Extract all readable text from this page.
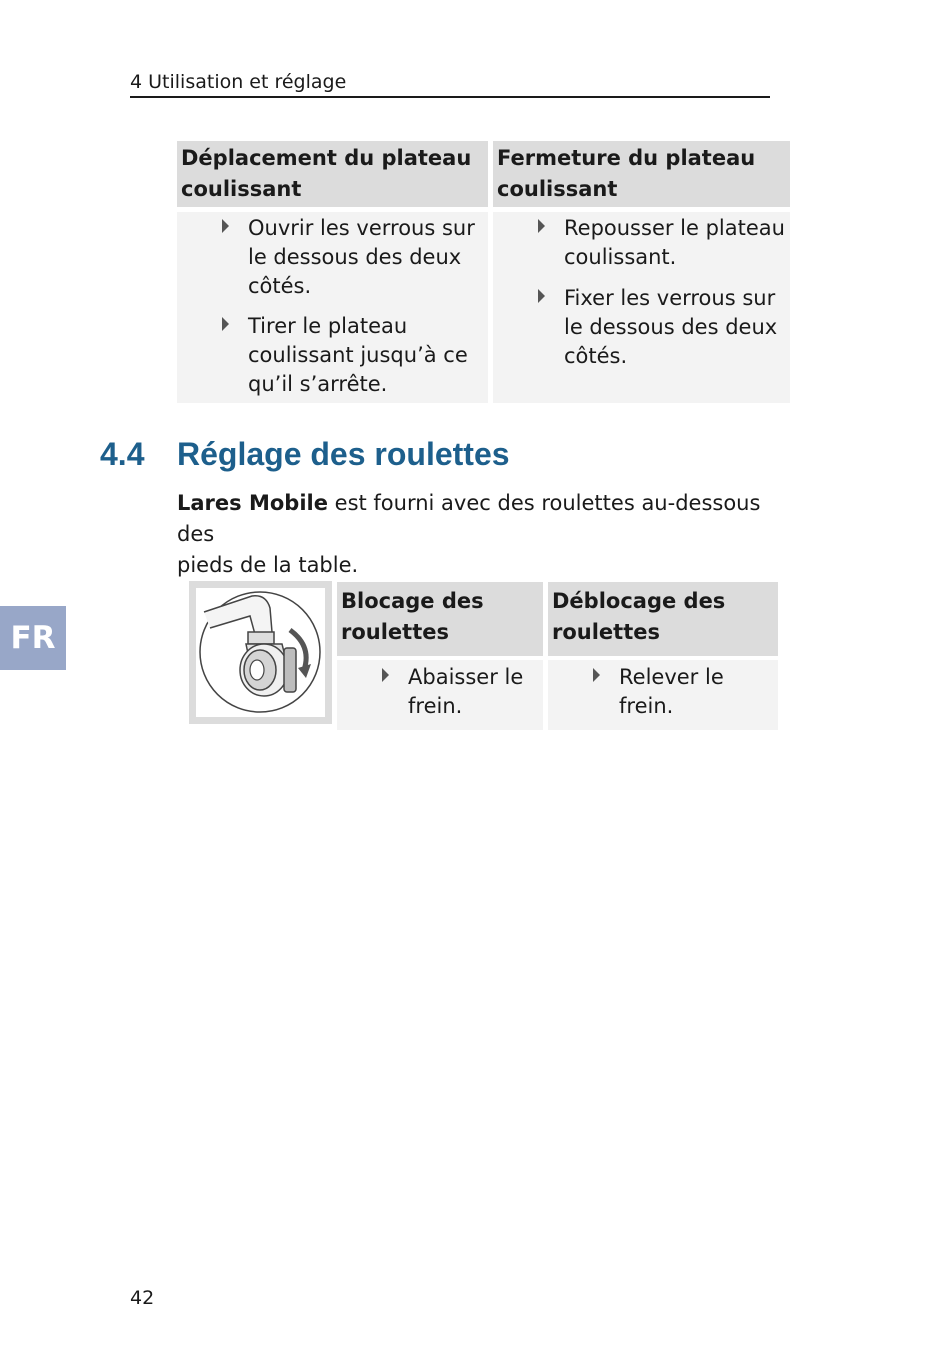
4 Utilisation et réglage
FR
Déplacement du plateau
coulissant
Fermeture du plateau
coulissant
Ouvrir les verrous sur
le dessous des deux
côtés.
Tirer le plateau
coulissant jusqu’à ce
qu’il s’arrête.
Repousser le plateau
coulissant.
Fixer les verrous sur
le dessous des deux
côtés.
4.4 Réglage des roulettes
Lares Mobile est fourni avec des roulettes au-dessous des
pieds de la table.
Blocage des
roulettes
Déblocage des
roulettes
Abaisser le
frein.
Relever le
frein.
42
